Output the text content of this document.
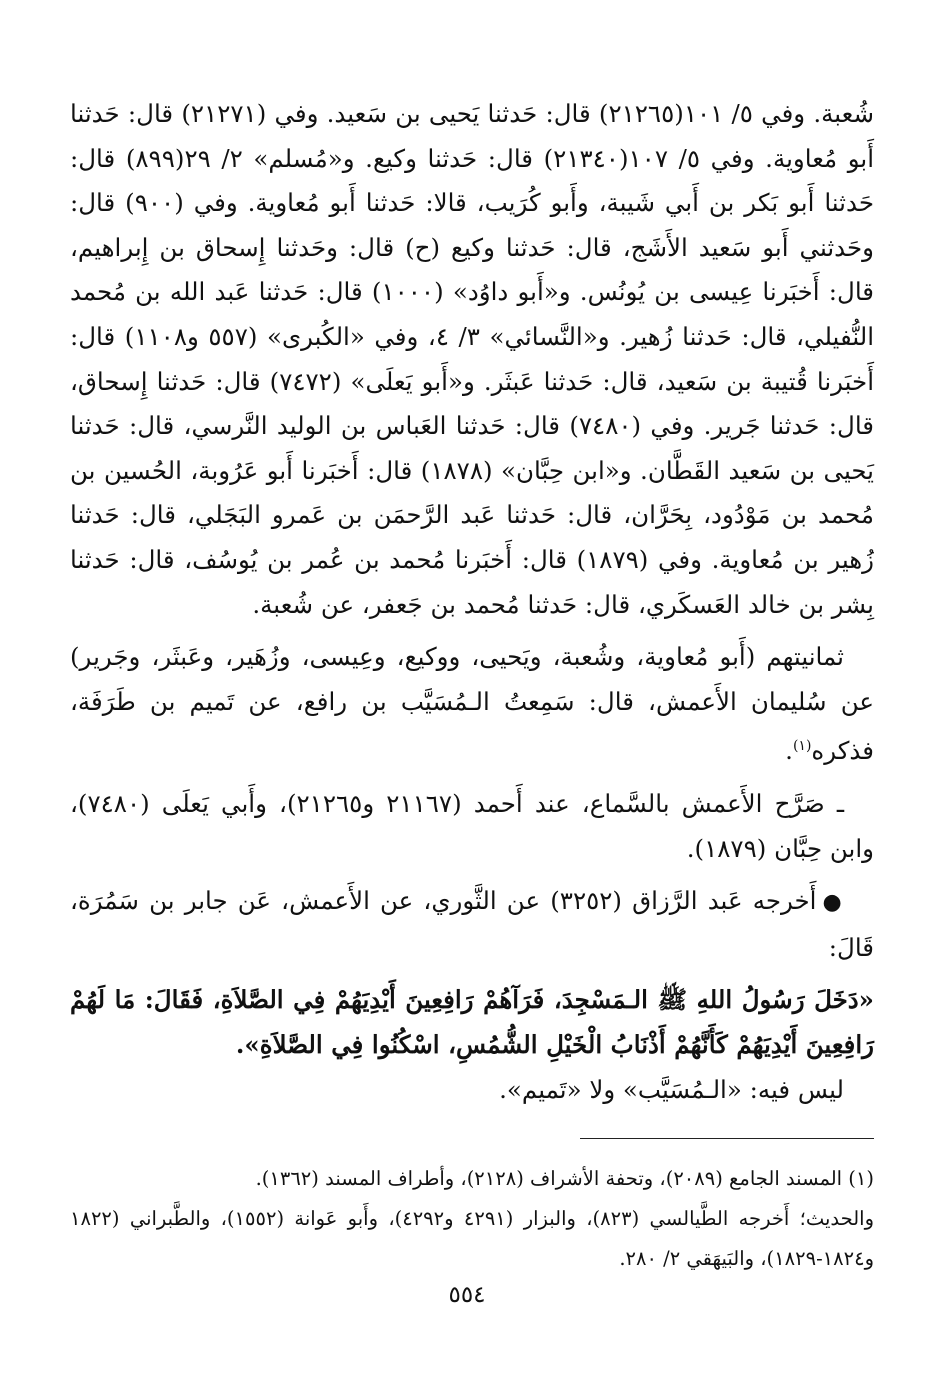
شُعبة. وفي ٥/ ١٠١(٢١٢٦٥) قال: حَدثنا يَحيى بن سَعيد. وفي (٢١٢٧١) قال: حَدثنا أَبو مُعاوية. وفي ٥/ ١٠٧(٢١٣٤٠) قال: حَدثنا وكيع. و«مُسلم» ٢/ ٢٩(٨٩٩) قال: حَدثنا أَبو بَكر بن أَبي شَيبة، وأَبو كُرَيب، قالا: حَدثنا أَبو مُعاوية. وفي (٩٠٠) قال: وحَدثني أَبو سَعيد الأَشَج، قال: حَدثنا وكيع (ح) قال: وحَدثنا إِسحاق بن إِبراهيم، قال: أَخبَرنا عِيسى بن يُونُس. و«أَبو داوُد» (١٠٠٠) قال: حَدثنا عَبد الله بن مُحمد النُّفيلي، قال: حَدثنا زُهير. و«النَّسائي» ٣/ ٤، وفي «الكُبرى» (٥٥٧ و١١٠٨) قال: أَخبَرنا قُتيبة بن سَعيد، قال: حَدثنا عَبثَر. و«أَبو يَعلَى» (٧٤٧٢) قال: حَدثنا إِسحاق، قال: حَدثنا جَرير. وفي (٧٤٨٠) قال: حَدثنا العَباس بن الوليد النَّرسي، قال: حَدثنا يَحيى بن سَعيد القَطَّان. و«ابن حِبَّان» (١٨٧٨) قال: أَخبَرنا أَبو عَرُوبة، الحُسين بن مُحمد بن مَوْدُود، بِحَرَّان، قال: حَدثنا عَبد الرَّحمَن بن عَمرو البَجَلي، قال: حَدثنا زُهير بن مُعاوية. وفي (١٨٧٩) قال: أَخبَرنا مُحمد بن عُمر بن يُوسُف، قال: حَدثنا بِشر بن خالد العَسكَري، قال: حَدثنا مُحمد بن جَعفر، عن شُعبة.

ثمانيتهم (أَبو مُعاوية، وشُعبة، ويَحيى، ووكيع، وعِيسى، وزُهَير، وعَبثَر، وجَرير) عن سُليمان الأَعمش، قال: سَمِعتُ الـمُسَيَّب بن رافع، عن تَميم بن طَرَفَة، فذكره$^{(١)}$.

ـ صَرَّح الأَعمش بالسَّماع، عند أَحمد (٢١١٦٧ و٢١٢٦٥)، وأَبي يَعلَى (٧٤٨٠)، وابن حِبَّان (١٨٧٩).

●أَخرجه عَبد الرَّزاق (٣٢٥٢) عن الثَّوري، عن الأَعمش، عَن جابر بن سَمُرَة، قَالَ:

«دَخَلَ رَسُولُ اللهِ ﷺ الـمَسْجِدَ، فَرَآهُمْ رَافِعِينَ أَيْدِيَهُمْ فِي الصَّلاَةِ، فَقَالَ: مَا لَهُمْ رَافِعِينَ أَيْدِيَهُمْ كَأَنَّهُمْ أَذْنَابُ الْخَيْلِ الشُّمُسِ، اسْكُنُوا فِي الصَّلاَةِ».

ليس فيه: «الـمُسَيَّب» ولا «تَميم».

(١) المسند الجامع (٢٠٨٩)، وتحفة الأشراف (٢١٢٨)، وأطراف المسند (١٣٦٢).

والحديث؛ أَخرجه الطَّيالسي (٨٢٣)، والبزار (٤٢٩١ و٤٢٩٢)، وأَبو عَوانة (١٥٥٢)، والطَّبراني (١٨٢٢ و١٨٢٤-١٨٢٩)، والبَيهَقي ٢/ ٢٨٠.

٥٥٤
